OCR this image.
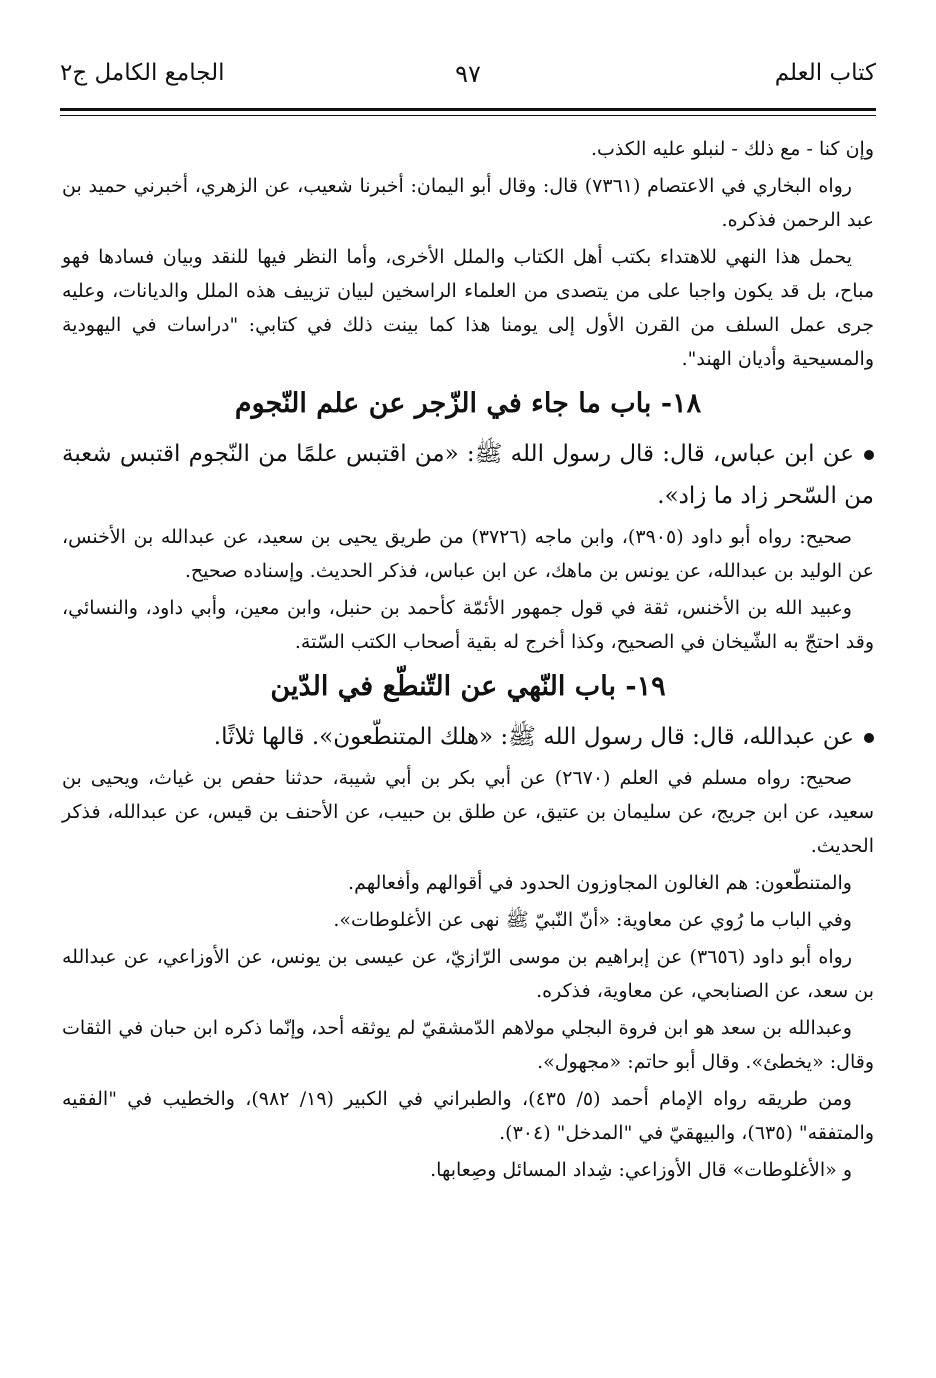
كتاب العلم
٩٧
الجامع الكامل ج٢

وإن كنا - مع ذلك - لنبلو عليه الكذب.

رواه البخاري في الاعتصام (٧٣٦١) قال: وقال أبو اليمان: أخبرنا شعيب، عن الزهري، أخبرني حميد بن عبد الرحمن فذكره.

يحمل هذا النهي للاهتداء بكتب أهل الكتاب والملل الأخرى، وأما النظر فيها للنقد وبيان فسادها فهو مباح، بل قد يكون واجبا على من يتصدى من العلماء الراسخين لبيان تزييف هذه الملل والديانات، وعليه جرى عمل السلف من القرن الأول إلى يومنا هذا كما بينت ذلك في كتابي: "دراسات في اليهودية والمسيحية وأديان الهند".

١٨- باب ما جاء في الزّجر عن علم النّجوم

عن ابن عباس، قال: قال رسول الله ﷺ: «من اقتبس علمًا من النّجوم اقتبس شعبة من السّحر زاد ما زاد».

صحيح: رواه أبو داود (٣٩٠٥)، وابن ماجه (٣٧٢٦) من طريق يحيى بن سعيد، عن عبدالله بن الأخنس، عن الوليد بن عبدالله، عن يونس بن ماهك، عن ابن عباس، فذكر الحديث. وإسناده صحيح.

وعبيد الله بن الأخنس، ثقة في قول جمهور الأئمّة كأحمد بن حنبل، وابن معين، وأبي داود، والنسائي، وقد احتجّ به الشّيخان في الصحيح، وكذا أخرج له بقية أصحاب الكتب السّتة.

١٩- باب النّهي عن التّنطّع في الدّين

عن عبدالله، قال: قال رسول الله ﷺ: «هلك المتنطّعون». قالها ثلاثًا.

صحيح: رواه مسلم في العلم (٢٦٧٠) عن أبي بكر بن أبي شيبة، حدثنا حفص بن غياث، ويحيى بن سعيد، عن ابن جريج، عن سليمان بن عتيق، عن طلق بن حبيب، عن الأحنف بن قيس، عن عبدالله، فذكر الحديث.

والمتنطّعون: هم الغالون المجاوزون الحدود في أقوالهم وأفعالهم.

وفي الباب ما رُوي عن معاوية: «أنّ النّبيّ ﷺ نهى عن الأغلوطات».

رواه أبو داود (٣٦٥٦) عن إبراهيم بن موسى الرّازيّ، عن عيسى بن يونس، عن الأوزاعي، عن عبدالله بن سعد، عن الصنابحي، عن معاوية، فذكره.

وعبدالله بن سعد هو ابن فروة البجلي مولاهم الدّمشقيّ لم يوثقه أحد، وإنّما ذكره ابن حبان في الثقات وقال: «يخطئ». وقال أبو حاتم: «مجهول».

ومن طريقه رواه الإمام أحمد (٥/ ٤٣٥)، والطبراني في الكبير (١٩/ ٩٨٢)، والخطيب في "الفقيه والمتفقه" (٦٣٥)، والبيهقيّ في "المدخل" (٣٠٤).

و «الأغلوطات» قال الأوزاعي: شِداد المسائل وصِعابها.
